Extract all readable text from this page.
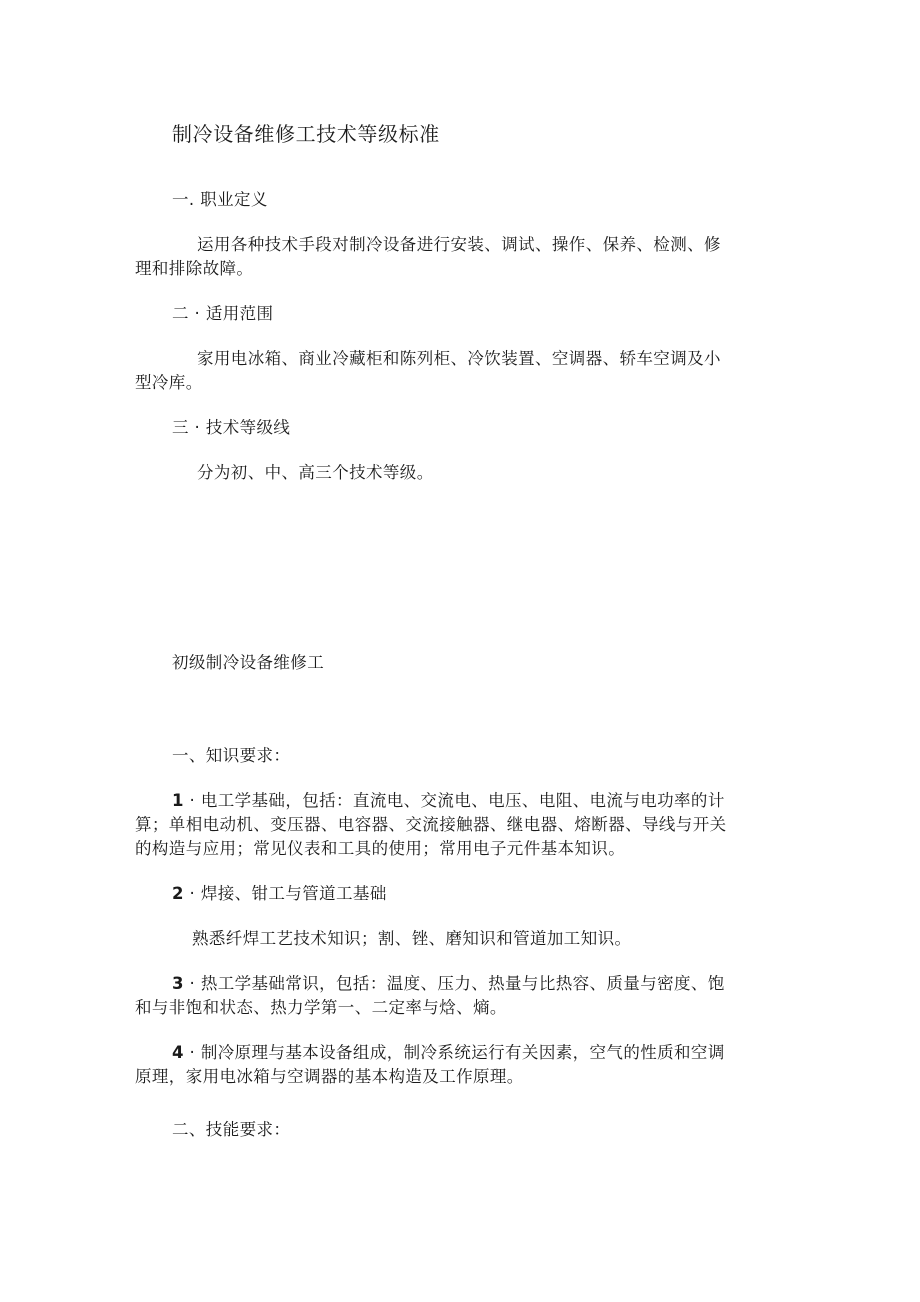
制冷设备维修工技术等级标准
一. 职业定义
运用各种技术手段对制冷设备进行安装、调试、操作、保养、检测、修
理和排除故障。
二 · 适用范围
家用电冰箱、商业冷藏柜和陈列柜、冷饮装置、空调器、轿车空调及小
型冷库。
三 · 技术等级线
分为初、中、高三个技术等级。
初级制冷设备维修工
一、知识要求：
1 · 电工学基础，包括：直流电、交流电、电压、电阻、电流与电功率的计
算；单相电动机、变压器、电容器、交流接触器、继电器、熔断器、导线与开关
的构造与应用；常见仪表和工具的使用；常用电子元件基本知识。
2 · 焊接、钳工与管道工基础
熟悉纤焊工艺技术知识；割、锉、磨知识和管道加工知识。
3 · 热工学基础常识，包括：温度、压力、热量与比热容、质量与密度、饱
和与非饱和状态、热力学第一、二定率与焓、熵。
4 · 制冷原理与基本设备组成，制冷系统运行有关因素，空气的性质和空调
原理，家用电冰箱与空调器的基本构造及工作原理。
二、技能要求：
